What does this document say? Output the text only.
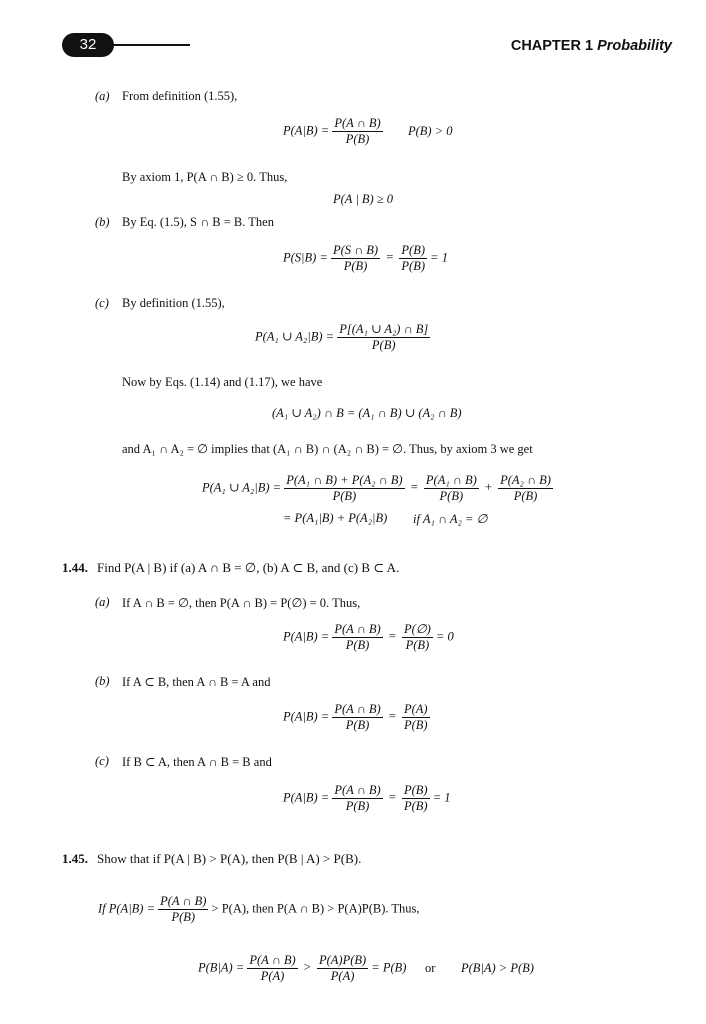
32	CHAPTER 1 Probability
(a) From definition (1.55),
$P(A|B) = \frac{P(A \cap B)}{P(B)} P(B) > 0$
By axiom 1, P(A ∩ B) ≥ 0. Thus,
P(A | B) ≥ 0
(b) By Eq. (1.5), S ∩ B = B. Then
$P(S|B) = \frac{P(S \cap B)}{P(B)} = \frac{P(B)}{P(B)} = 1$
(c) By definition (1.55),
P(A₁ ∪ $A_2|B) = \frac{\text{P[(A₁ ∪ A₂) ∩ B]}}{P(B)}$
Now by Eqs. (1.14) and (1.17), we have
(A₁ ∪ A₂) ∩ B = (A₁ ∩ B) ∪ (A₂ ∩ B)
and A₁ ∩ A₂ = ∅ implies that (A₁ ∩ B) ∩ (A₂ ∩ B) = ∅. Thus, by axiom 3 we get
P(A₁ ∪ $A_2|B) = \frac{\text{P(A₁ ∩ B) + P(A₂ ∩ B)}}{P(B)} = \frac{\text{P(A₁ ∩ B)}}{P(B)} + \frac{\text{P(A₂ ∩ B)}}{P(B)}$
= P(A₁|B) + P(A₂|B) if A₁ ∩ A₂ = ∅
1.44. Find P(A | B) if (a) A ∩ B = ∅, (b) A ⊂ B, and (c) B ⊂ A.
(a) If A ∩ B = ∅, then P(A ∩ B) = P(∅) = 0. Thus,
$P(A|B) = \frac{P(A \cap B)}{P(B)} = \frac{P(\emptyset)}{P(B)} = 0$
(b) If A ⊂ B, then A ∩ B = A and
$P(A|B) = \frac{P(A \cap B)}{P(B)} = \frac{P(A)}{P(B)}$
(c) If B ⊂ A, then A ∩ B = B and
$P(A|B) = \frac{P(A \cap B)}{P(B)} = \frac{P(B)}{P(B)} = 1$
1.45. Show that if P(A | B) > P(A), then P(B | A) > P(B).
If $P(A|B) = \frac{P(A \cap B)}{P(B)} > P(A)$, then P(A ∩ B) > P(A)P(B). Thus,
$P(B|A) = \frac{P(A \cap B)}{P(A)} > \frac{P(A)P(B)}{P(A)} = P(B)$ or P(B|A) > P(B)
